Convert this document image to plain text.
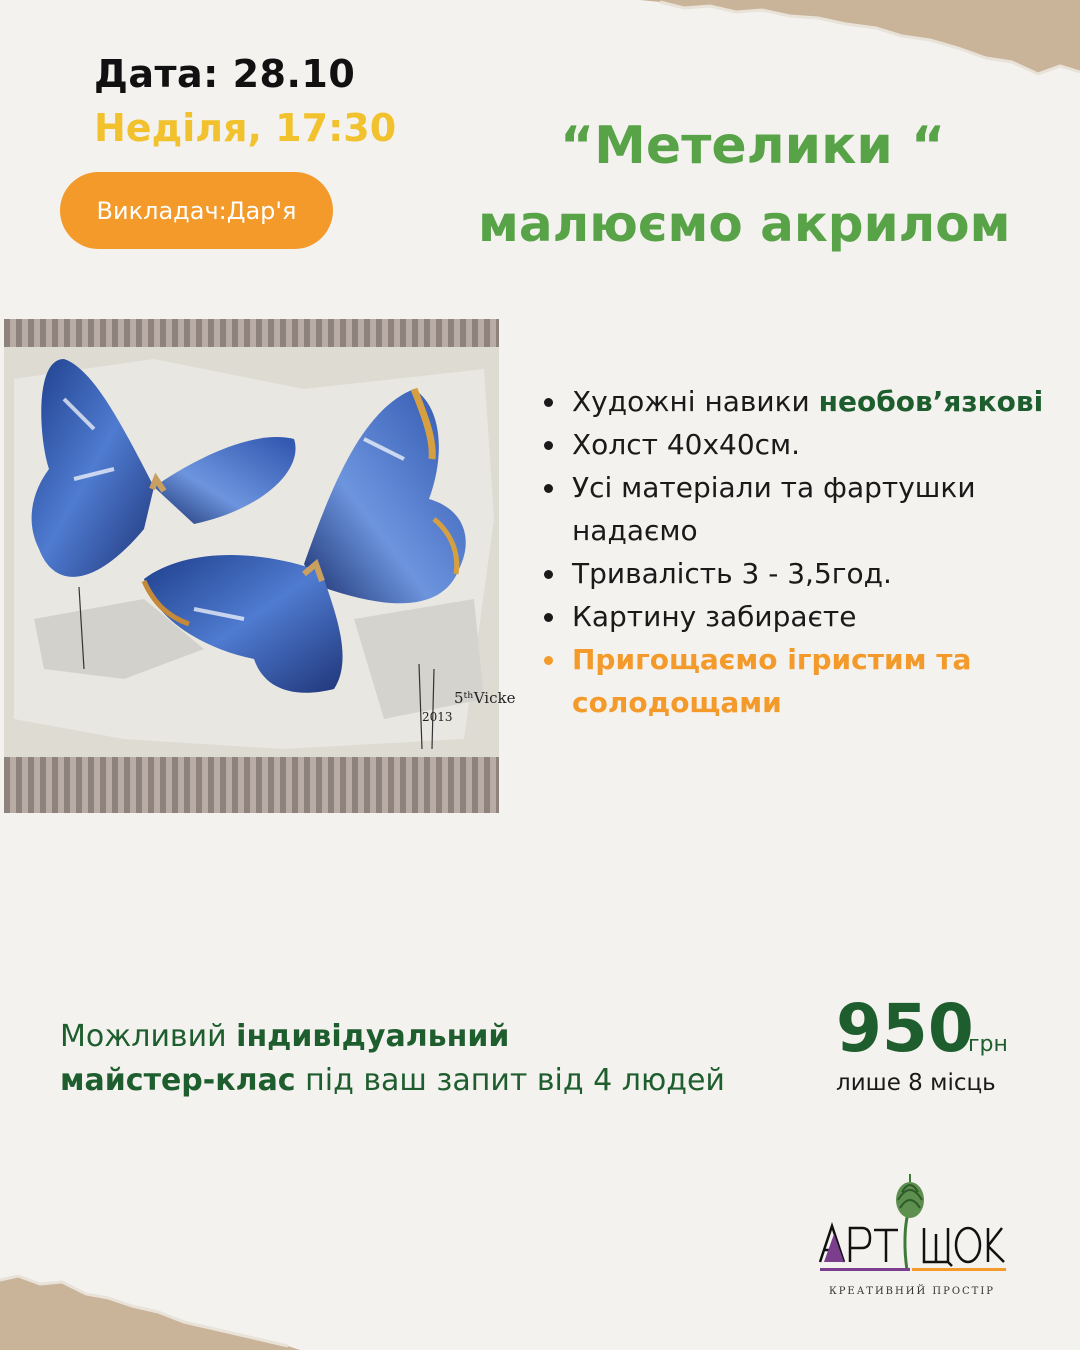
Дата: 28.10
Неділя, 17:30
Викладач:Дар'я
“Метелики “
малюємо акрилом
5ᵗʰVicke
2013
Художні навики необов’язкові
Холст 40х40см.
Усі матеріали та фартушки надаємо
Тривалість 3 - 3,5год.
Картину забираєте
Пригощаємо ігристим та солодощами
Можливий індивідуальний
майстер-клас під ваш запит від 4 людей
950
грн
лише 8 місць
КРЕАТИВНИЙ ПРОСТІР
